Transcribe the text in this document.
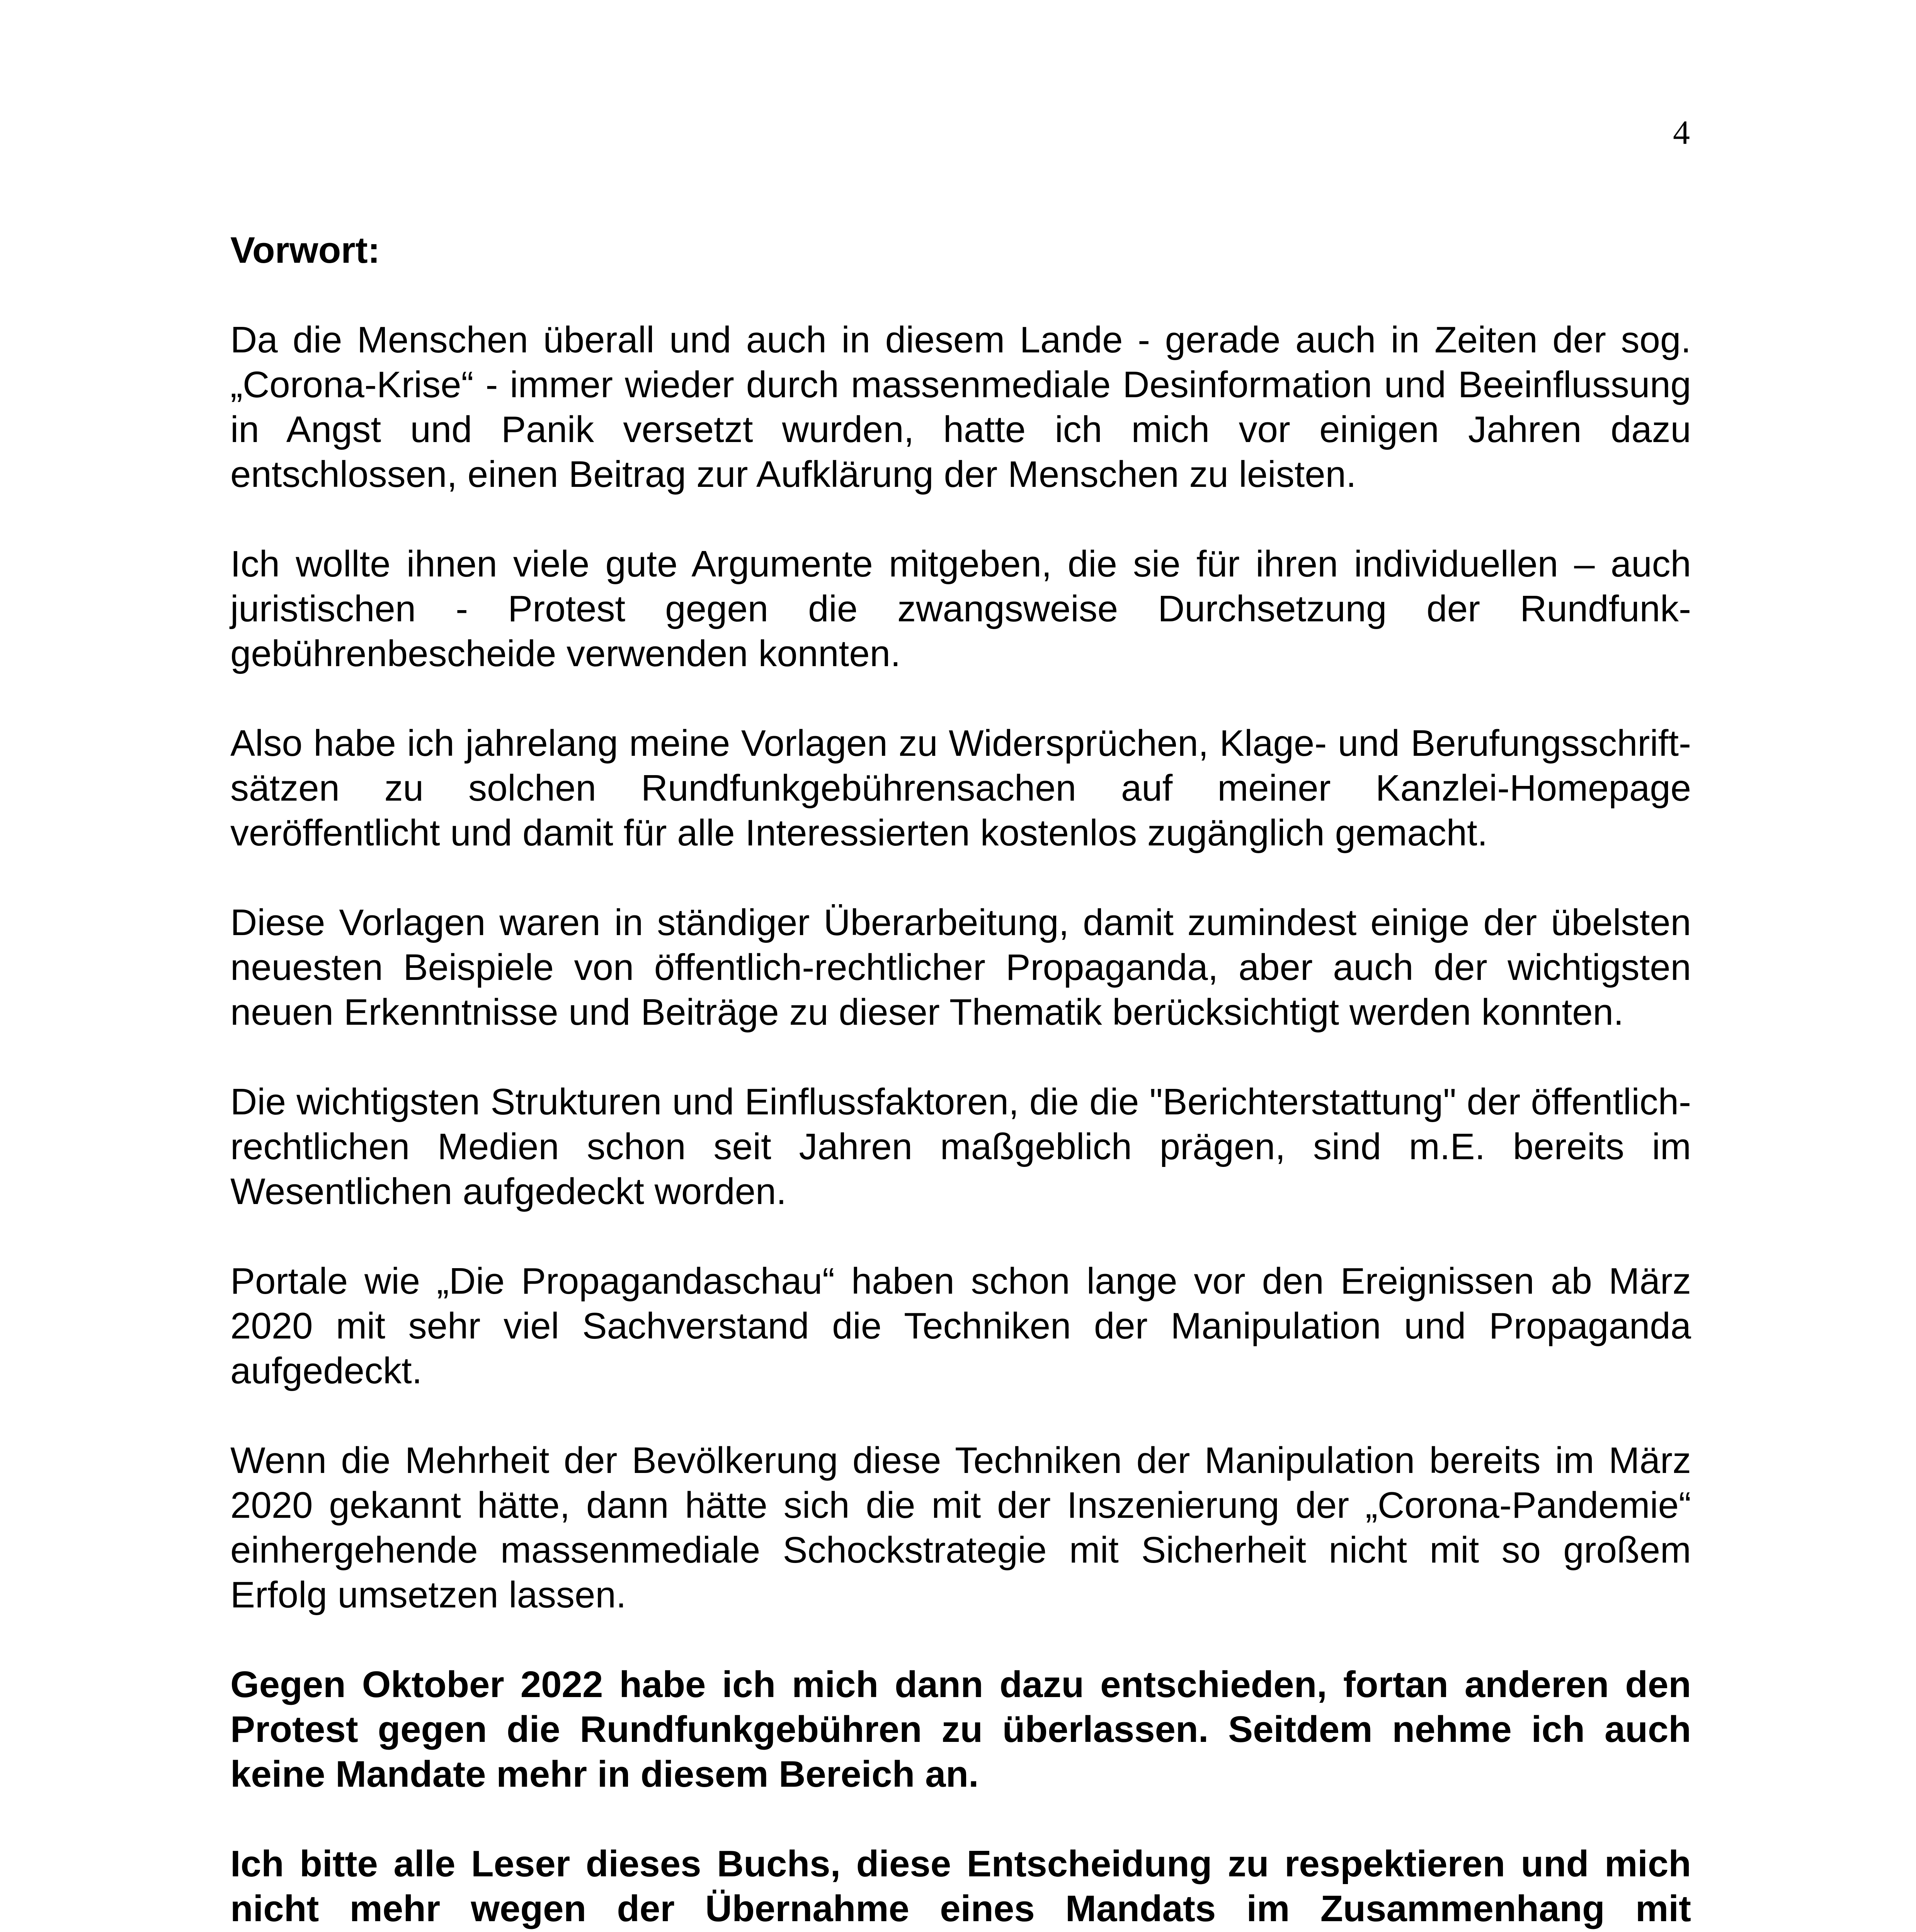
4
Vorwort:

Da die Menschen überall und auch in diesem Lande - gerade auch in Zeiten der sog. „Corona-Krise“ - immer wieder durch massenmediale Desinformation und Beeinflussung in Angst und Panik versetzt wurden, hatte ich mich vor einigen Jahren dazu entschlossen, einen Beitrag zur Aufklärung der Menschen zu leisten.

Ich wollte ihnen viele gute Argumente mitgeben, die sie für ihren individuellen – auch juristischen - Protest gegen die zwangsweise Durchsetzung der Rundfunk-gebührenbescheide verwenden konnten.

Also habe ich jahrelang meine Vorlagen zu Widersprüchen, Klage- und Berufungsschrift-sätzen zu solchen Rundfunkgebührensachen auf meiner Kanzlei-Homepage veröffentlicht und damit für alle Interessierten kostenlos zugänglich gemacht.

Diese Vorlagen waren in ständiger Überarbeitung, damit zumindest einige der übelsten neuesten Beispiele von öffentlich-rechtlicher Propaganda, aber auch der wichtigsten neuen Erkenntnisse und Beiträge zu dieser Thematik berücksichtigt werden konnten.

Die wichtigsten Strukturen und Einflussfaktoren, die die "Berichterstattung" der öffentlich-rechtlichen Medien schon seit Jahren maßgeblich prägen, sind m.E. bereits im Wesentlichen aufgedeckt worden.

Portale wie „Die Propagandaschau“ haben schon lange vor den Ereignissen ab März 2020 mit sehr viel Sachverstand die Techniken der Manipulation und Propaganda aufgedeckt.

Wenn die Mehrheit der Bevölkerung diese Techniken der Manipulation bereits im März 2020 gekannt hätte, dann hätte sich die mit der Inszenierung der „Corona-Pandemie“ einhergehende massenmediale Schockstrategie mit Sicherheit nicht mit so großem Erfolg umsetzen lassen.

Gegen Oktober 2022 habe ich mich dann dazu entschieden, fortan anderen den Protest gegen die Rundfunkgebühren zu überlassen. Seitdem nehme ich auch keine Mandate mehr in diesem Bereich an.

Ich bitte alle Leser dieses Buchs, diese Entscheidung zu respektieren und mich nicht mehr wegen der Übernahme eines Mandats im Zusammenhang mit
